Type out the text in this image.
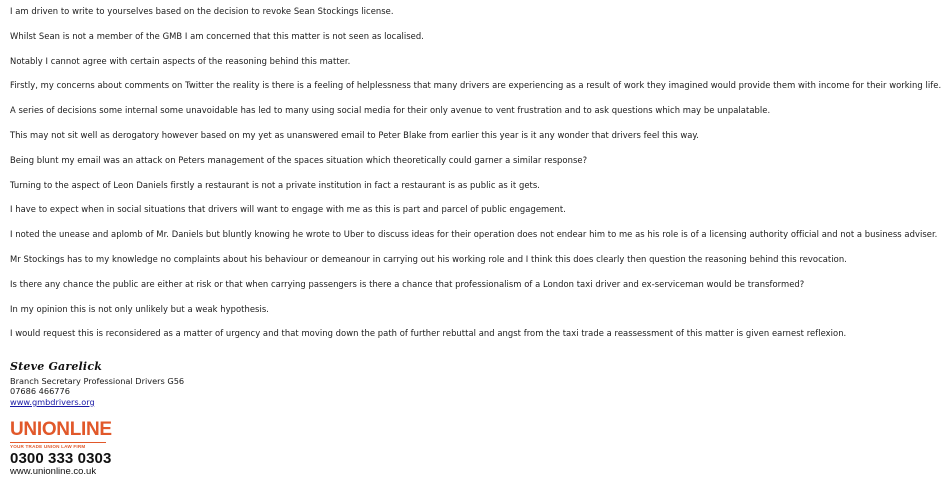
I am driven to write to yourselves based on the decision to revoke Sean Stockings license.

Whilst Sean is not a member of the GMB I am concerned that this matter is not seen as localised.

Notably I cannot agree with certain aspects of the reasoning behind this matter.

Firstly, my concerns about comments on Twitter the reality is there is a feeling of helplessness that many drivers are experiencing as a result of work they imagined would provide them with income for their working life.

A series of decisions some internal some unavoidable has led to many using social media for their only avenue to vent frustration and to ask questions which may be unpalatable.

This may not sit well as derogatory however based on my yet as unanswered email to Peter Blake from earlier this year is it any wonder that drivers feel this way.

Being blunt my email was an attack on Peters management of the spaces situation which theoretically could garner a similar response?

Turning to the aspect of Leon Daniels firstly a restaurant is not a private institution in fact a restaurant is as public as it gets.

I have to expect when in social situations that drivers will want to engage with me as this is part and parcel of public engagement.

I noted the unease and aplomb of Mr. Daniels but bluntly knowing he wrote to Uber to discuss ideas for their operation does not endear him to me as his role is of a licensing authority official and not a business adviser.

Mr Stockings has to my knowledge no complaints about his behaviour or demeanour in carrying out his working role and I think this does clearly then question the reasoning behind this revocation.

Is there any chance the public are either at risk or that when carrying passengers is there a chance that professionalism of a London taxi driver and ex-serviceman would be transformed?

In my opinion this is not only unlikely but a weak hypothesis.

I would request this is reconsidered as a matter of urgency and that moving down the path of further rebuttal and angst from the taxi trade a reassessment of this matter is given earnest reflexion.

Steve Garelick
Branch Secretary Professional Drivers G56
07686 466776
www.gmbdrivers.org
UNIONLINE
YOUR TRADE UNION LAW FIRM
0300 333 0303
www.unionline.co.uk
